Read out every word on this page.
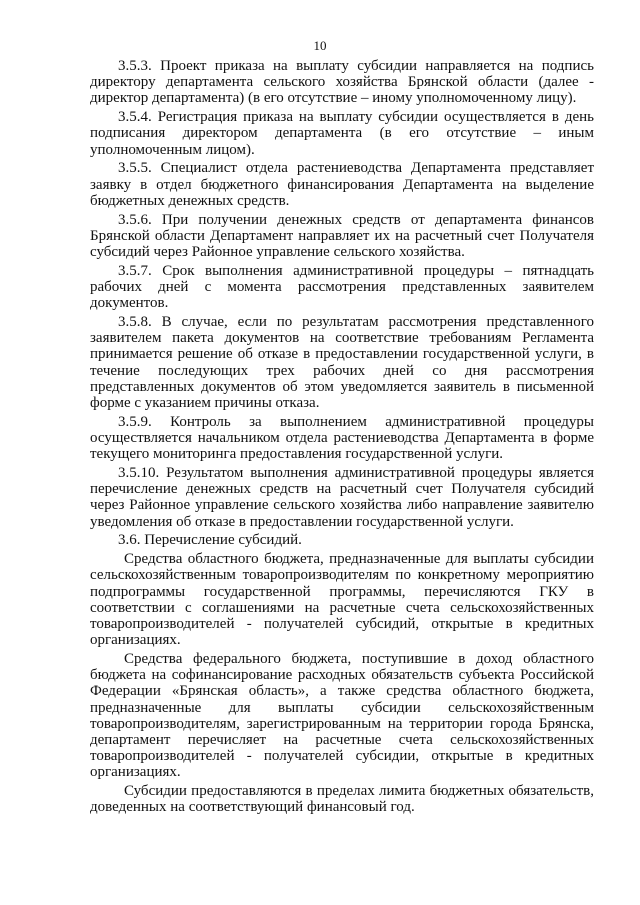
10

3.5.3. Проект приказа на выплату субсидии направляется на подпись директору департамента сельского хозяйства Брянской области (далее - директор департамента) (в его отсутствие – иному уполномоченному лицу).

3.5.4. Регистрация приказа на выплату субсидии осуществляется в день подписания директором департамента (в его отсутствие – иным уполномоченным лицом).

3.5.5. Специалист отдела растениеводства Департамента представляет заявку в отдел бюджетного финансирования Департамента на выделение бюджетных денежных средств.

3.5.6. При получении денежных средств от департамента финансов Брянской области Департамент направляет их на расчетный счет Получателя субсидий через Районное управление сельского хозяйства.

3.5.7. Срок выполнения административной процедуры – пятнадцать рабочих дней с момента рассмотрения представленных заявителем документов.

3.5.8. В случае, если по результатам рассмотрения представленного заявителем пакета документов на соответствие требованиям Регламента принимается решение об отказе в предоставлении государственной услуги, в течение последующих трех рабочих дней со дня рассмотрения представленных документов об этом уведомляется заявитель в письменной форме с указанием причины отказа.

3.5.9. Контроль за выполнением административной процедуры осуществляется начальником отдела растениеводства Департамента в форме текущего мониторинга предоставления государственной услуги.

3.5.10. Результатом выполнения административной процедуры является перечисление денежных средств на расчетный счет Получателя субсидий через Районное управление сельского хозяйства либо направление заявителю уведомления об отказе в предоставлении государственной услуги.

3.6. Перечисление субсидий.

Средства областного бюджета, предназначенные для выплаты субсидии сельскохозяйственным товаропроизводителям по конкретному мероприятию подпрограммы государственной программы, перечисляются ГКУ в соответствии с соглашениями на расчетные счета сельскохозяйственных товаропроизводителей - получателей субсидий, открытые в кредитных организациях.

Средства федерального бюджета, поступившие в доход областного бюджета на софинансирование расходных обязательств субъекта Российской Федерации «Брянская область», а также средства областного бюджета, предназначенные для выплаты субсидии сельскохозяйственным товаропроизводителям, зарегистрированным на территории города Брянска, департамент перечисляет на расчетные счета сельскохозяйственных товаропроизводителей - получателей субсидии, открытые в кредитных организациях.

Субсидии предоставляются в пределах лимита бюджетных обязательств, доведенных на соответствующий финансовый год.
